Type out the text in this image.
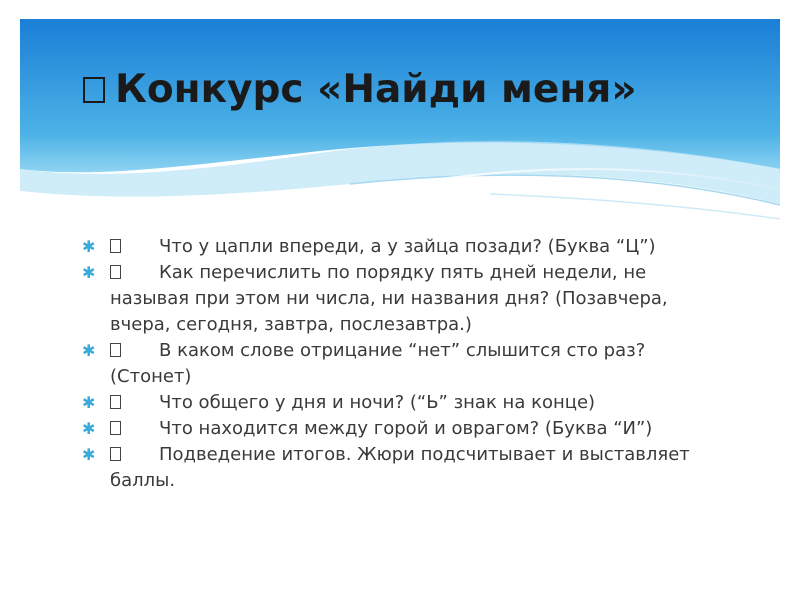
Конкурс «Найди меня»
✱	Что у цапли впереди, а у зайца позади? (Буква “Ц”)
✱	Как перечислить по порядку пять дней недели, не называя при этом ни числа, ни названия дня? (Позавчера, вчера, сегодня, завтра, послезавтра.)
✱	В каком слове отрицание “нет” слышится сто раз? (Стонет)
✱	Что общего у дня и ночи? (“Ь” знак на конце)
✱	Что находится между горой и оврагом? (Буква “И”)
✱	Подведение итогов. Жюри подсчитывает и выставляет баллы.
